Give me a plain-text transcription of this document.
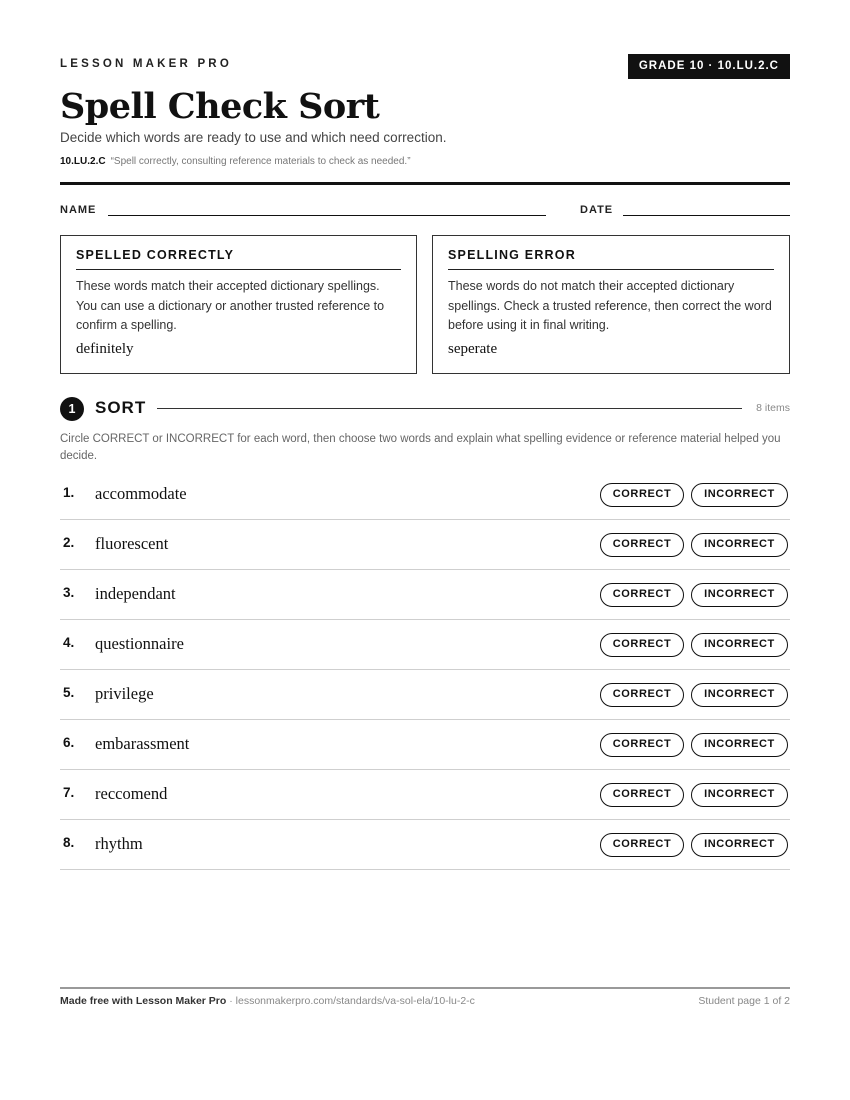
LESSON MAKER PRO	GRADE 10 · 10.LU.2.C
Spell Check Sort
Decide which words are ready to use and which need correction.
10.LU.2.C “Spell correctly, consulting reference materials to check as needed.”
NAME	DATE
SPELLED CORRECTLY
These words match their accepted dictionary spellings. You can use a dictionary or another trusted reference to confirm a spelling.
definitely
SPELLING ERROR
These words do not match their accepted dictionary spellings. Check a trusted reference, then correct the word before using it in final writing.
seperate
1	SORT	8 items
Circle CORRECT or INCORRECT for each word, then choose two words and explain what spelling evidence or reference material helped you decide.
1. accommodate	CORRECT	INCORRECT
2. fluorescent	CORRECT	INCORRECT
3. independant	CORRECT	INCORRECT
4. questionnaire	CORRECT	INCORRECT
5. privilege	CORRECT	INCORRECT
6. embarassment	CORRECT	INCORRECT
7. reccomend	CORRECT	INCORRECT
8. rhythm	CORRECT	INCORRECT
Made free with Lesson Maker Pro · lessonmakerpro.com/standards/va-sol-ela/10-lu-2-c	Student page 1 of 2
